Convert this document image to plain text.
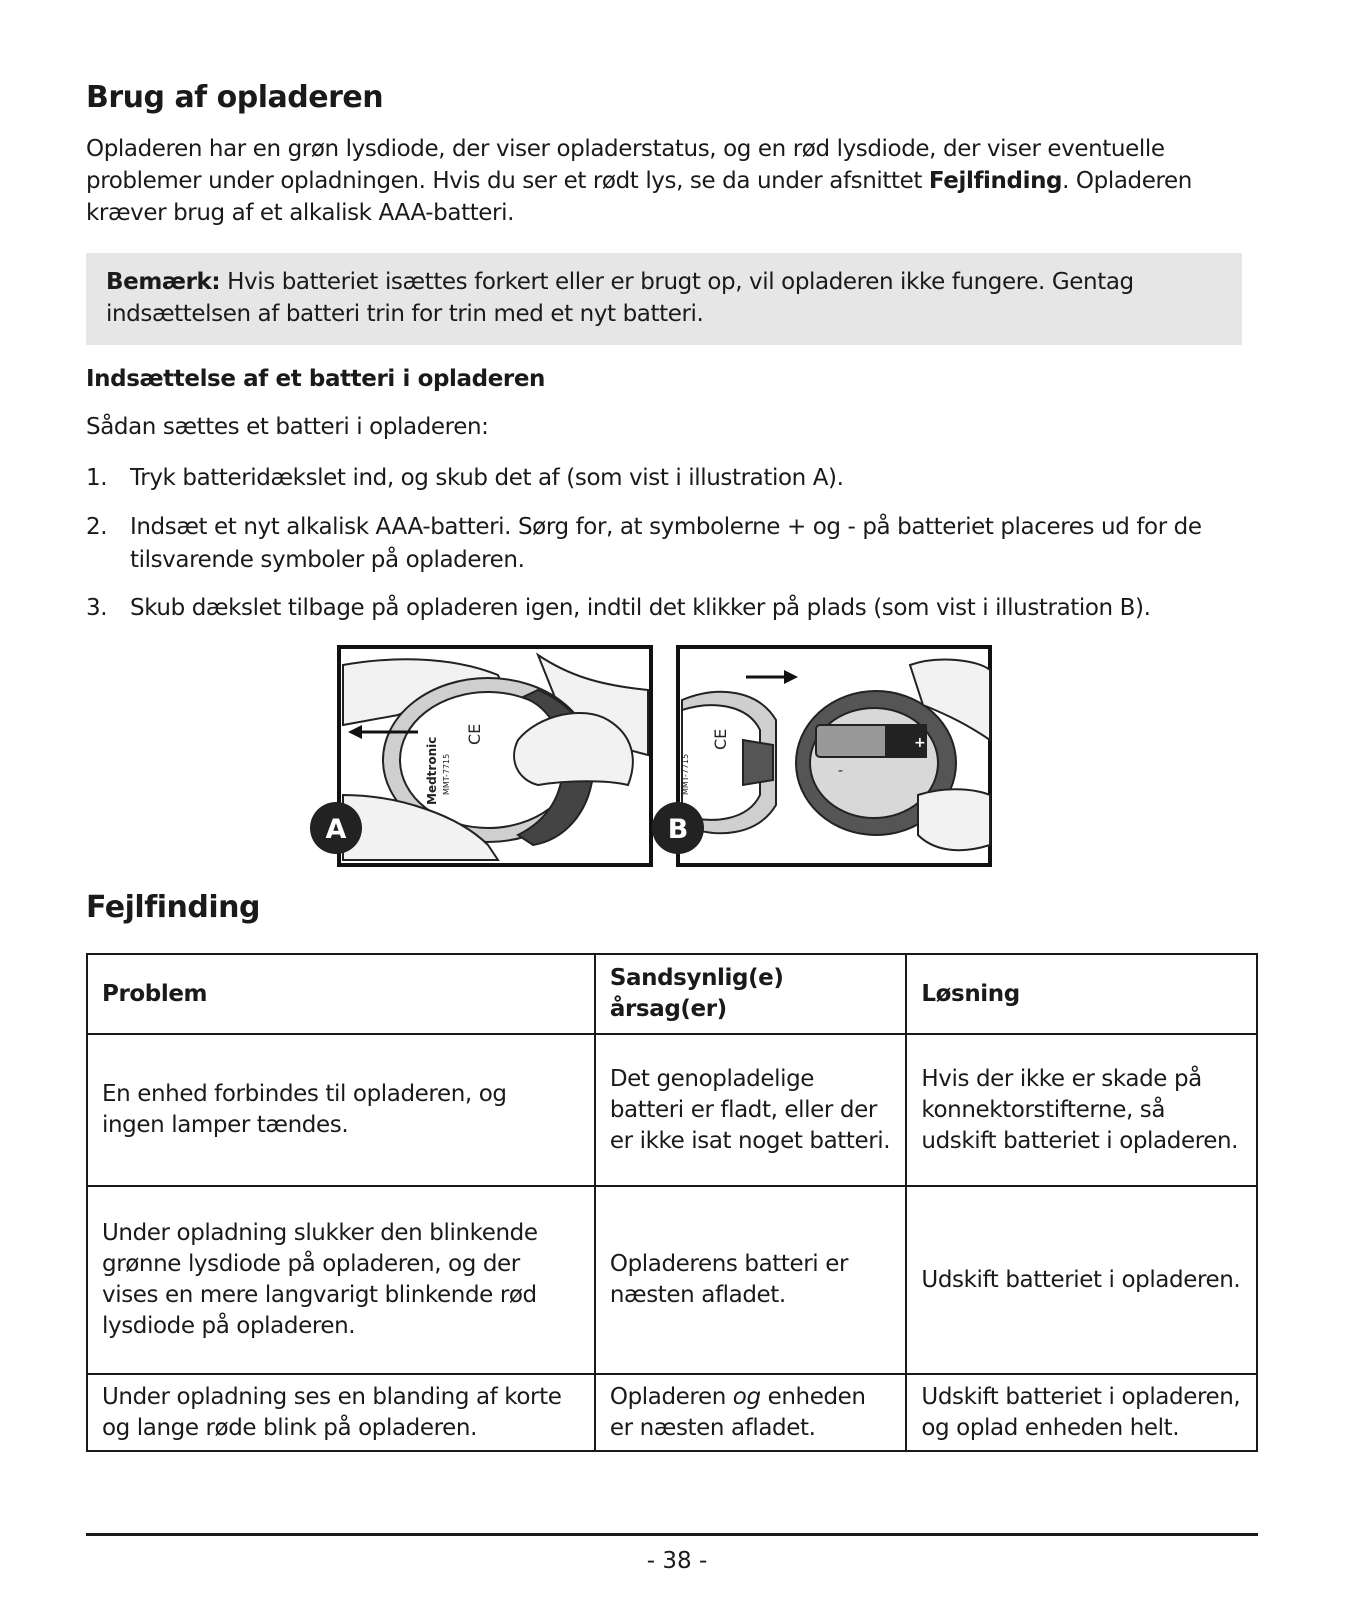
Brug af opladeren

Opladeren har en grøn lysdiode, der viser opladerstatus, og en rød lysdiode, der viser eventuelle problemer under opladningen. Hvis du ser et rødt lys, se da under afsnittet Fejlfinding. Opladeren kræver brug af et alkalisk AAA-batteri.

Bemærk: Hvis batteriet isættes forkert eller er brugt op, vil opladeren ikke fungere. Gentag indsættelsen af batteri trin for trin med et nyt batteri.
Indsættelse af et batteri i opladeren
Sådan sættes et batteri i opladeren:
1. Tryk batteridækslet ind, og skub det af (som vist i illustration A).
2. Indsæt et nyt alkalisk AAA-batteri. Sørg for, at symbolerne + og - på batteriet placeres ud for de tilsvarende symboler på opladeren.
3. Skub dækslet tilbage på opladeren igen, indtil det klikker på plads (som vist i illustration B).
Medtronic MMT-7715
CE
A
+
-
MMT-7715
CE
B
Fejlfinding
Problem	Sandsynlig(e) årsag(er)	Løsning
En enhed forbindes til opladeren, og ingen lamper tændes.	Det genopladelige batteri er fladt, eller der er ikke isat noget batteri.	Hvis der ikke er skade på konnektorstifterne, så udskift batteriet i opladeren.
Under opladning slukker den blinkende grønne lysdiode på opladeren, og der vises en mere langvarigt blinkende rød lysdiode på opladeren.	Opladerens batteri er næsten afladet.	Udskift batteriet i opladeren.
Under opladning ses en blanding af korte og lange røde blink på opladeren.	Opladeren og enheden er næsten afladet.	Udskift batteriet i opladeren, og oplad enheden helt.
- 38 -
